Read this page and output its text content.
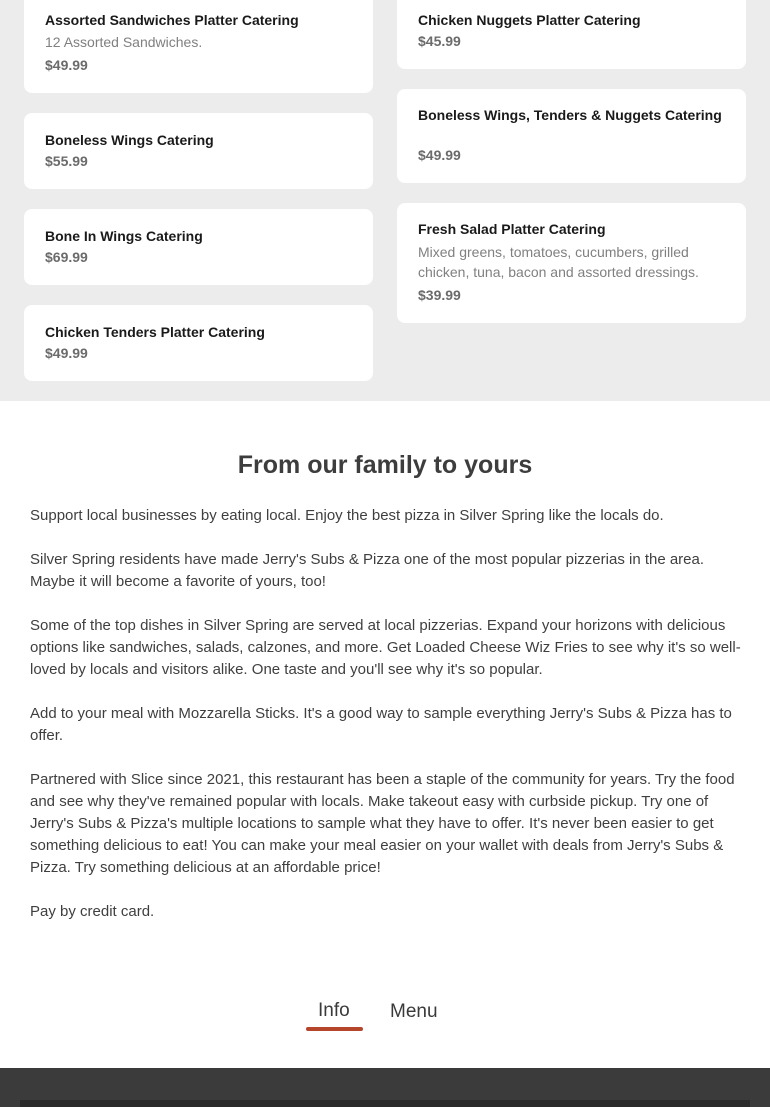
Assorted Sandwiches Platter Catering
12 Assorted Sandwiches.
$49.99
Boneless Wings Catering
$55.99
Bone In Wings Catering
$69.99
Chicken Tenders Platter Catering
$49.99
Chicken Nuggets Platter Catering
$45.99
Boneless Wings, Tenders & Nuggets Catering
$49.99
Fresh Salad Platter Catering
Mixed greens, tomatoes, cucumbers, grilled chicken, tuna, bacon and assorted dressings.
$39.99
From our family to yours

Support local businesses by eating local. Enjoy the best pizza in Silver Spring like the locals do.

Silver Spring residents have made Jerry's Subs & Pizza one of the most popular pizzerias in the area. Maybe it will become a favorite of yours, too!

Some of the top dishes in Silver Spring are served at local pizzerias. Expand your horizons with delicious options like sandwiches, salads, calzones, and more. Get Loaded Cheese Wiz Fries to see why it's so well-loved by locals and visitors alike. One taste and you'll see why it's so popular.

Add to your meal with Mozzarella Sticks. It's a good way to sample everything Jerry's Subs & Pizza has to offer.

Partnered with Slice since 2021, this restaurant has been a staple of the community for years. Try the food and see why they've remained popular with locals. Make takeout easy with curbside pickup. Try one of Jerry's Subs & Pizza's multiple locations to sample what they have to offer. It's never been easier to get something delicious to eat! You can make your meal easier on your wallet with deals from Jerry's Subs & Pizza. Try something delicious at an affordable price!

Pay by credit card.

Info Menu
